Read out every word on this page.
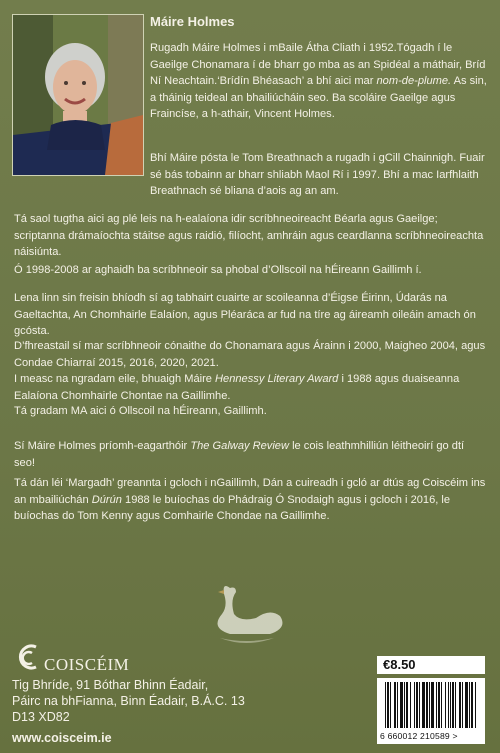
Máire Holmes

Rugadh Máire Holmes i mBaile Átha Cliath i 1952.Tógadh í le Gaeilge Chonamara í de bharr go mba as an Spidéal a máthair, Bríd Ní Neachtain.‘Brídín Bhéasach’ a bhí aici mar nom-de-plume. As sin, a tháinig teideal an bhailiúcháin seo. Ba scoláire Gaeilge agus Fraincíse, a h-athair, Vincent Holmes.

Bhí Máire pósta le Tom Breathnach a rugadh i gCill Chainnigh. Fuair sé bás tobainn ar bharr shliabh Maol Rí i 1997. Bhí a mac Iarfhlaith Breathnach sé bliana d’aois ag an am.

Tá saol tugtha aici ag plé leis na h-ealaíona idir scríbhneoireacht Béarla agus Gaeilge; scriptanna drámaíochta stáitse agus raidió, filíocht, amhráin agus ceardlanna scríbhneoireachta náisiúnta.

Ó 1998-2008 ar aghaidh ba scríbhneoir sa phobal d’Ollscoil na hÉireann Gaillimh í.

Lena linn sin freisin bhíodh sí ag tabhairt cuairte ar scoileanna d’Éigse Éirinn, Údarás na Gaeltachta, An Chomhairle Ealaíon, agus Pléaráca ar fud na tíre ag áireamh oileáin amach ón gcósta.

D’fhreastail sí mar scríbhneoir cónaithe do Chonamara agus Árainn i 2000, Maigheo 2004, agus Condae Chiarraí 2015, 2016, 2020, 2021.

I measc na ngradam eile, bhuaigh Máire Hennessy Literary Award i 1988 agus duaiseanna Ealaíona Chomhairle Chontae na Gaillimhe.

Tá gradam MA aici ó Ollscoil na hÉireann, Gaillimh.

Sí Máire Holmes príomh-eagarthóir The Galway Review le cois leathmhilliún léitheoirí go dtí seo!

Tá dán léi ‘Margadh’ greannta i gcloch i nGaillimh, Dán a cuireadh i gcló ar dtús ag Coiscéim ins an mbailiúchán Dúrún 1988 le buíochas do Phádraig Ó Snodaigh agus i gcloch i 2016, le buíochas do Tom Kenny agus Comhairle Chondae na Gaillimhe.

COISCÉIM
Tig Bhríde, 91 Bóthar Bhinn Éadair,
Páirc na bhFianna, Binn Éadair, B.Á.C. 13
D13 XD82
www.coisceim.ie
€8.50
6 660012 210589 >
